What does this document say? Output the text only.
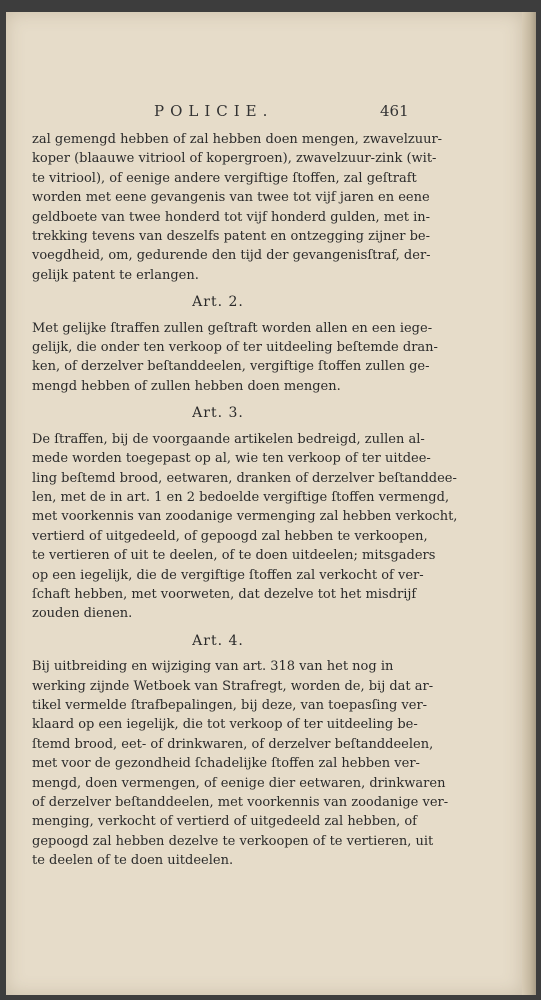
POLICIE.	461
zal gemengd hebben of zal hebben doen mengen, zwavelzuur-
koper (blaauwe vitriool of kopergroen), zwavelzuur-zink (wit-
te vitriool), of eenige andere vergiftige ſtoffen, zal geſtraft
worden met eene gevangenis van twee tot vijf jaren en eene
geldboete van twee honderd tot vijf honderd gulden, met in-
trekking tevens van deszelfs patent en ontzegging zijner be-
voegdheid, om, gedurende den tijd der gevangenisſtraf, der-
gelijk patent te erlangen.
Art. 2.
Met gelijke ſtraffen zullen geſtraft worden allen en een iege-
gelijk, die onder ten verkoop of ter uitdeeling beſtemde dran-
ken, of derzelver beſtanddeelen, vergiftige ſtoffen zullen ge-
mengd hebben of zullen hebben doen mengen.
Art. 3.
De ſtraffen, bij de voorgaande artikelen bedreigd, zullen al-
mede worden toegepast op al, wie ten verkoop of ter uitdee-
ling beſtemd brood, eetwaren, dranken of derzelver beſtanddee-
len, met de in art. 1 en 2 bedoelde vergiftige ſtoffen vermengd,
met voorkennis van zoodanige vermenging zal hebben verkocht,
vertierd of uitgedeeld, of gepoogd zal hebben te verkoopen,
te vertieren of uit te deelen, of te doen uitdeelen; mitsgaders
op een iegelijk, die de vergiftige ſtoffen zal verkocht of ver-
ſchaft hebben, met voorweten, dat dezelve tot het misdrijf
zouden dienen.
Art. 4.
Bij uitbreiding en wijziging van art. 318 van het nog in
werking zijnde Wetboek van Strafregt, worden de, bij dat ar-
tikel vermelde ſtrafbepalingen, bij deze, van toepasſing ver-
klaard op een iegelijk, die tot verkoop of ter uitdeeling be-
ſtemd brood, eet- of drinkwaren, of derzelver beſtanddeelen,
met voor de gezondheid ſchadelijke ſtoffen zal hebben ver-
mengd, doen vermengen, of eenige dier eetwaren, drinkwaren
of derzelver beſtanddeelen, met voorkennis van zoodanige ver-
menging, verkocht of vertierd of uitgedeeld zal hebben, of
gepoogd zal hebben dezelve te verkoopen of te vertieren, uit
te deelen of te doen uitdeelen.
